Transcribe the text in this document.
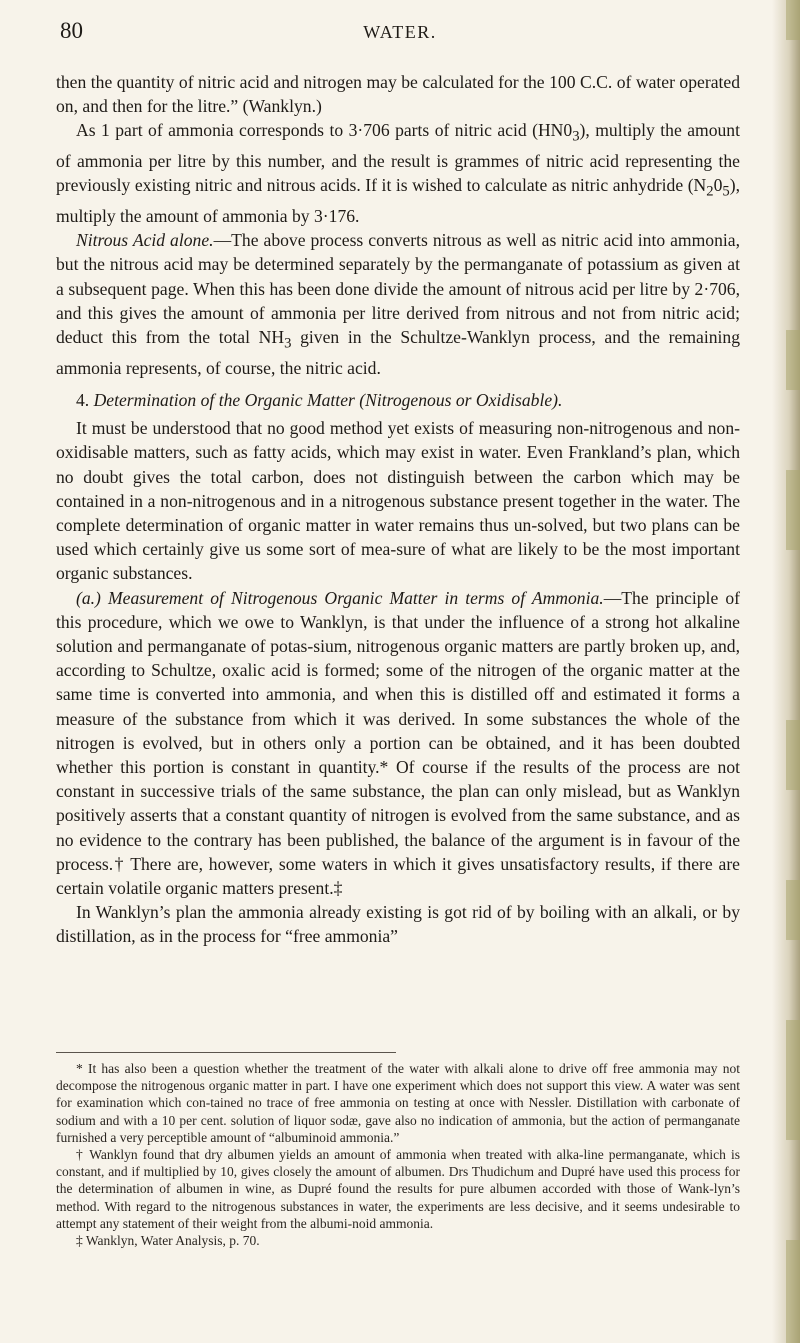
80	WATER.

then the quantity of nitric acid and nitrogen may be calculated for the 100 C.C. of water operated on, and then for the litre.” (Wanklyn.)

As 1 part of ammonia corresponds to 3·706 parts of nitric acid $(HN0_3)$, multiply the amount of ammonia per litre by this number, and the result is grammes of nitric acid representing the previously existing nitric and nitrous acids. If it is wished to calculate as nitric anhydride $(N_20_5)$, multiply the amount of ammonia by 3·176.

Nitrous Acid alone.—The above process converts nitrous as well as nitric acid into ammonia, but the nitrous acid may be determined separately by the permanganate of potassium as given at a subsequent page. When this has been done divide the amount of nitrous acid per litre by 2·706, and this gives the amount of ammonia per litre derived from nitrous and not from nitric acid; deduct this from the total $NH_3$ given in the Schultze-Wanklyn process, and the remaining ammonia represents, of course, the nitric acid.

4. Determination of the Organic Matter (Nitrogenous or Oxidisable).

It must be understood that no good method yet exists of measuring non-nitrogenous and non-oxidisable matters, such as fatty acids, which may exist in water. Even Frankland’s plan, which no doubt gives the total carbon, does not distinguish between the carbon which may be contained in a non-nitrogenous and in a nitrogenous substance present together in the water. The complete determination of organic matter in water remains thus un-solved, but two plans can be used which certainly give us some sort of mea-sure of what are likely to be the most important organic substances.

(a.) Measurement of Nitrogenous Organic Matter in terms of Ammonia.—The principle of this procedure, which we owe to Wanklyn, is that under the influence of a strong hot alkaline solution and permanganate of potas-sium, nitrogenous organic matters are partly broken up, and, according to Schultze, oxalic acid is formed; some of the nitrogen of the organic matter at the same time is converted into ammonia, and when this is distilled off and estimated it forms a measure of the substance from which it was derived. In some substances the whole of the nitrogen is evolved, but in others only a portion can be obtained, and it has been doubted whether this portion is constant in quantity.* Of course if the results of the process are not constant in successive trials of the same substance, the plan can only mislead, but as Wanklyn positively asserts that a constant quantity of nitrogen is evolved from the same substance, and as no evidence to the contrary has been published, the balance of the argument is in favour of the process.† There are, however, some waters in which it gives unsatisfactory results, if there are certain volatile organic matters present.‡

In Wanklyn’s plan the ammonia already existing is got rid of by boiling with an alkali, or by distillation, as in the process for “free ammonia”

* It has also been a question whether the treatment of the water with alkali alone to drive off free ammonia may not decompose the nitrogenous organic matter in part. I have one experiment which does not support this view. A water was sent for examination which con-tained no trace of free ammonia on testing at once with Nessler. Distillation with carbonate of sodium and with a 10 per cent. solution of liquor sodæ, gave also no indication of ammonia, but the action of permanganate furnished a very perceptible amount of “albuminoid ammonia.”

† Wanklyn found that dry albumen yields an amount of ammonia when treated with alka-line permanganate, which is constant, and if multiplied by 10, gives closely the amount of albumen. Drs Thudichum and Dupré have used this process for the determination of albumen in wine, as Dupré found the results for pure albumen accorded with those of Wank-lyn’s method. With regard to the nitrogenous substances in water, the experiments are less decisive, and it seems undesirable to attempt any statement of their weight from the albumi-noid ammonia.

‡ Wanklyn, Water Analysis, p. 70.
